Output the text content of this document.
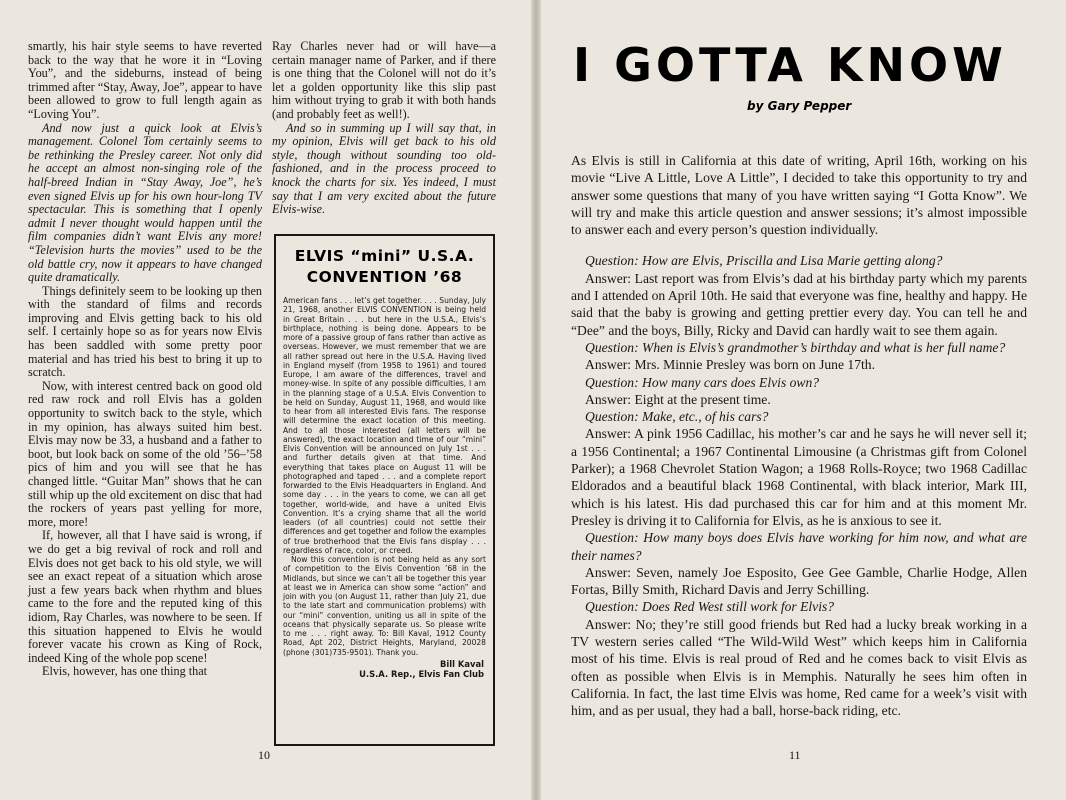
smartly, his hair style seems to have reverted back to the way that he wore it in “Loving You”, and the sideburns, instead of being trimmed after “Stay, Away, Joe”, appear to have been allowed to grow to full length again as “Loving You”.

And now just a quick look at Elvis’s management. Colonel Tom certainly seems to be rethinking the Presley career. Not only did he accept an almost non-singing role of the half-breed Indian in “Stay Away, Joe”, he’s even signed Elvis up for his own hour-long TV spectacular. This is something that I openly admit I never thought would happen until the film companies didn’t want Elvis any more! “Television hurts the movies” used to be the old battle cry, now it appears to have changed quite dramatically.

Things definitely seem to be looking up then with the standard of films and records improving and Elvis getting back to his old self. I certainly hope so as for years now Elvis has been saddled with some pretty poor material and has tried his best to bring it up to scratch.

Now, with interest centred back on good old red raw rock and roll Elvis has a golden opportunity to switch back to the style, which in my opinion, has always suited him best. Elvis may now be 33, a husband and a father to boot, but look back on some of the old ’56–’58 pics of him and you will see that he has changed little. “Guitar Man” shows that he can still whip up the old excitement on disc that had the rockers of years past yelling for more, more, more!

If, however, all that I have said is wrong, if we do get a big revival of rock and roll and Elvis does not get back to his old style, we will see an exact repeat of a situation which arose just a few years back when rhythm and blues came to the fore and the reputed king of this idiom, Ray Charles, was nowhere to be seen. If this situation happened to Elvis he would forever vacate his crown as King of Rock, indeed King of the whole pop scene!

Elvis, however, has one thing that

Ray Charles never had or will have—a certain manager name of Parker, and if there is one thing that the Colonel will not do it’s let a golden opportunity like this slip past him without trying to grab it with both hands (and probably feet as well!).

And so in summing up I will say that, in my opinion, Elvis will get back to his old style, though without sounding too old-fashioned, and in the process proceed to knock the charts for six. Yes indeed, I must say that I am very excited about the future Elvis-wise.

ELVIS “mini” U.S.A.
CONVENTION ’68

American fans . . . let’s get together. . . . Sunday, July 21, 1968, another ELVIS CONVENTION is being held in Great Britain . . . but here in the U.S.A., Elvis’s birthplace, nothing is being done. Appears to be more of a passive group of fans rather than active as overseas. However, we must remember that we are all rather spread out here in the U.S.A. Having lived in England myself (from 1958 to 1961) and toured Europe, I am aware of the differences, travel and money-wise. In spite of any possible difficulties, I am in the planning stage of a U.S.A. Elvis Convention to be held on Sunday, August 11, 1968, and would like to hear from all interested Elvis fans. The response will determine the exact location of this meeting. And to all those interested (all letters will be answered), the exact location and time of our “mini” Elvis Convention will be announced on July 1st . . . and further details given at that time. And everything that takes place on August 11 will be photographed and taped . . . and a complete report forwarded to the Elvis Headquarters in England. And some day . . . in the years to come, we can all get together, world-wide, and have a united Elvis Convention. It’s a crying shame that all the world leaders (of all countries) could not settle their differences and get together and follow the examples of true brotherhood that the Elvis fans display . . . regardless of race, color, or creed.

Now this convention is not being held as any sort of competition to the Elvis Convention ’68 in the Midlands, but since we can’t all be together this year at least we in America can show some “action” and join with you (on August 11, rather than July 21, due to the late start and communication problems) with our “mini” convention, uniting us all in spite of the oceans that physically separate us. So please write to me . . . right away. To: Bill Kaval, 1912 County Road, Apt 202, District Heights, Maryland, 20028 (phone (301)735-9501). Thank you.

Bill Kaval
U.S.A. Rep., Elvis Fan Club
10
I GOTTA KNOW
by Gary Pepper

As Elvis is still in California at this date of writing, April 16th, working on his movie “Live A Little, Love A Little”, I decided to take this opportunity to try and answer some questions that many of you have written saying “I Gotta Know”. We will try and make this article question and answer sessions; it’s almost impossible to answer each and every person’s question individually.

Question: How are Elvis, Priscilla and Lisa Marie getting along?

Answer: Last report was from Elvis’s dad at his birthday party which my parents and I attended on April 10th. He said that everyone was fine, healthy and happy. He said that the baby is growing and getting prettier every day. You can tell he and “Dee” and the boys, Billy, Ricky and David can hardly wait to see them again.

Question: When is Elvis’s grandmother’s birthday and what is her full name?

Answer: Mrs. Minnie Presley was born on June 17th.

Question: How many cars does Elvis own?

Answer: Eight at the present time.

Question: Make, etc., of his cars?

Answer: A pink 1956 Cadillac, his mother’s car and he says he will never sell it; a 1956 Continental; a 1967 Continental Limousine (a Christmas gift from Colonel Parker); a 1968 Chevrolet Station Wagon; a 1968 Rolls-Royce; two 1968 Cadillac Eldorados and a beautiful black 1968 Continental, with black interior, Mark III, which is his latest. His dad purchased this car for him and at this moment Mr. Presley is driving it to California for Elvis, as he is anxious to see it.

Question: How many boys does Elvis have working for him now, and what are their names?

Answer: Seven, namely Joe Esposito, Gee Gee Gamble, Charlie Hodge, Allen Fortas, Billy Smith, Richard Davis and Jerry Schilling.

Question: Does Red West still work for Elvis?

Answer: No; they’re still good friends but Red had a lucky break working in a TV western series called “The Wild-Wild West” which keeps him in California most of his time. Elvis is real proud of Red and he comes back to visit Elvis as often as possible when Elvis is in Memphis. Naturally he sees him often in California. In fact, the last time Elvis was home, Red came for a week’s visit with him, and as per usual, they had a ball, horse-back riding, etc.

11
